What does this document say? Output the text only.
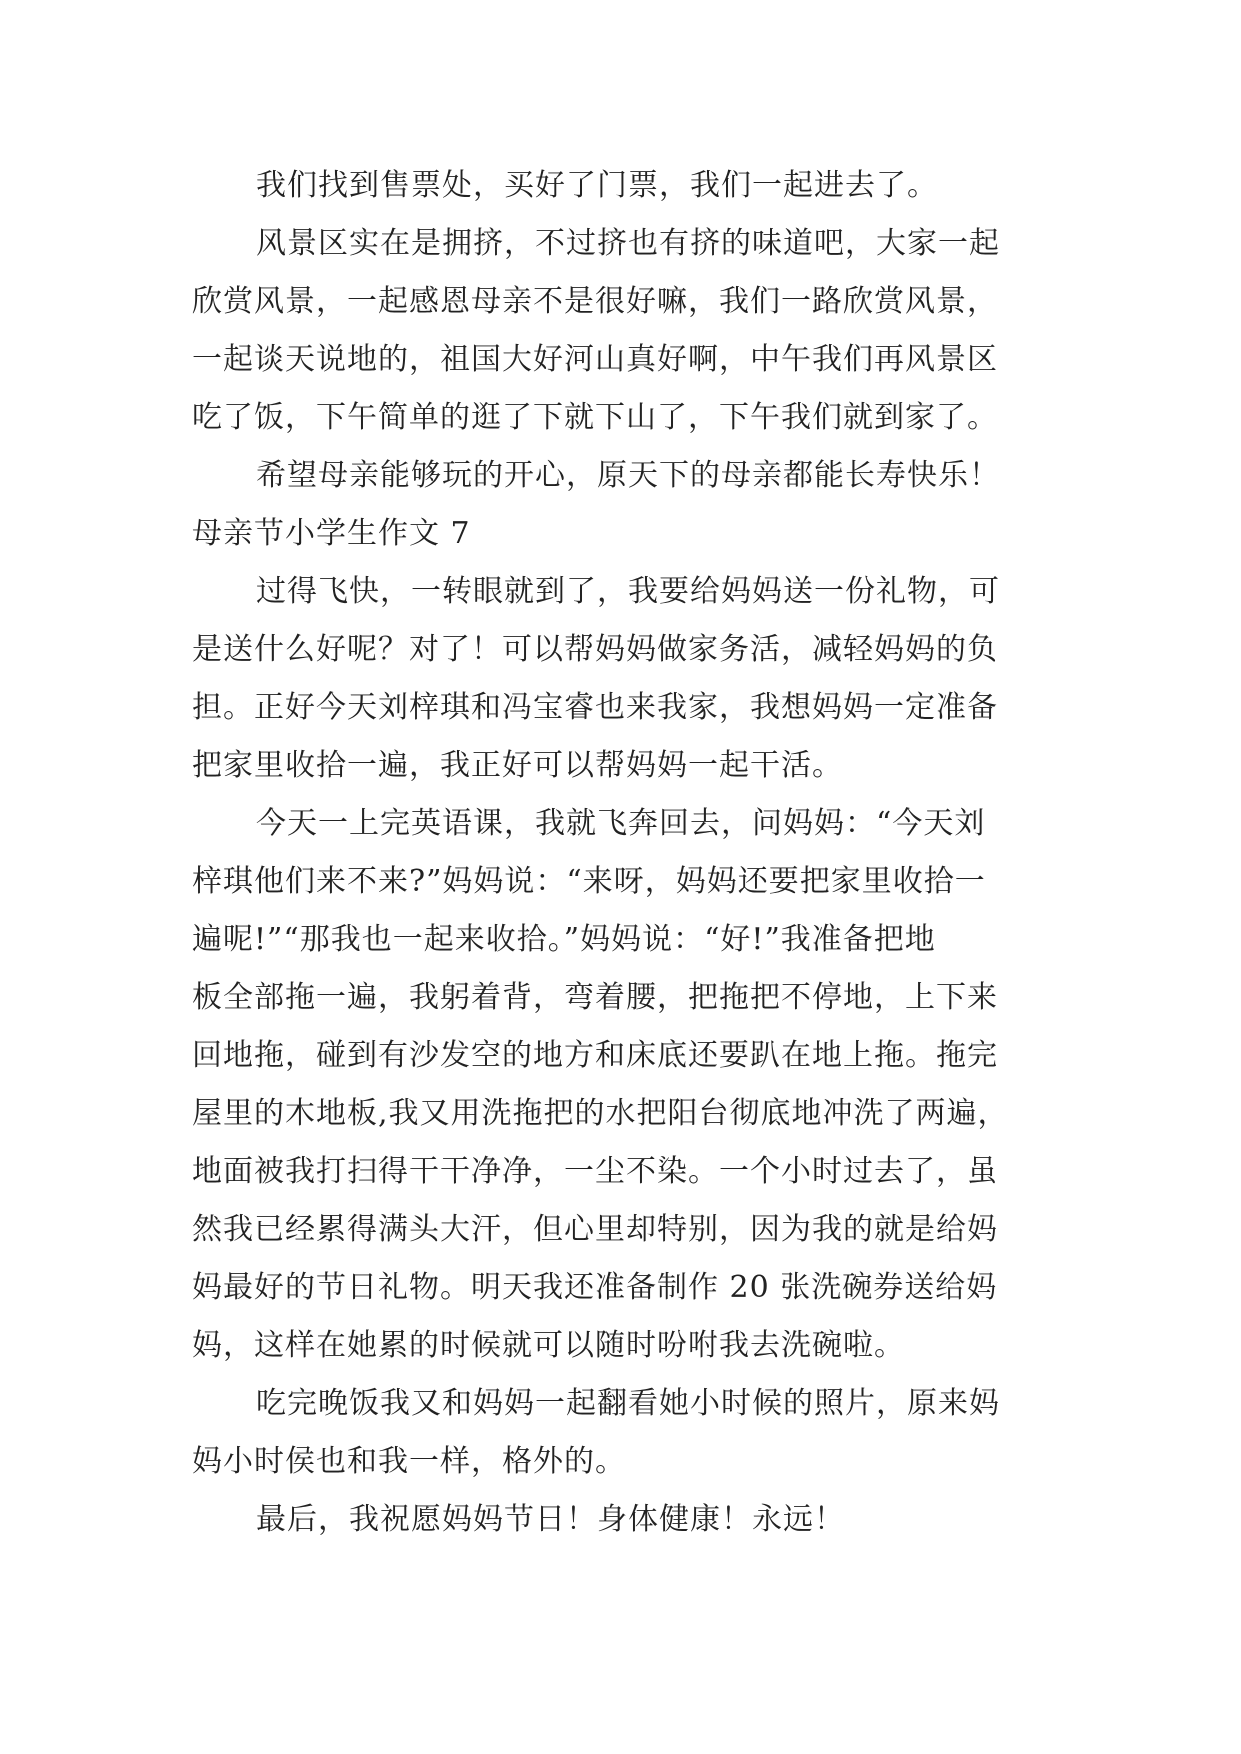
我们找到售票处，买好了门票，我们一起进去了。
风景区实在是拥挤，不过挤也有挤的味道吧，大家一起
欣赏风景，一起感恩母亲不是很好嘛，我们一路欣赏风景，
一起谈天说地的，祖国大好河山真好啊，中午我们再风景区
吃了饭，下午简单的逛了下就下山了，下午我们就到家了。
希望母亲能够玩的开心，原天下的母亲都能长寿快乐！
母亲节小学生作文 7
过得飞快，一转眼就到了，我要给妈妈送一份礼物，可
是送什么好呢？对了！可以帮妈妈做家务活，减轻妈妈的负
担。正好今天刘梓琪和冯宝睿也来我家，我想妈妈一定准备
把家里收拾一遍，我正好可以帮妈妈一起干活。
今天一上完英语课，我就飞奔回去，问妈妈：“今天刘
梓琪他们来不来?”妈妈说：“来呀，妈妈还要把家里收拾一
遍呢!”“那我也一起来收拾。”妈妈说：“好!”我准备把地
板全部拖一遍，我躬着背，弯着腰，把拖把不停地，上下来
回地拖，碰到有沙发空的地方和床底还要趴在地上拖。拖完
屋里的木地板,我又用洗拖把的水把阳台彻底地冲洗了两遍，
地面被我打扫得干干净净，一尘不染。一个小时过去了，虽
然我已经累得满头大汗，但心里却特别，因为我的就是给妈
妈最好的节日礼物。明天我还准备制作 20 张洗碗券送给妈
妈，这样在她累的时候就可以随时吩咐我去洗碗啦。
吃完晚饭我又和妈妈一起翻看她小时候的照片，原来妈
妈小时侯也和我一样，格外的。
最后，我祝愿妈妈节日！身体健康！永远！
